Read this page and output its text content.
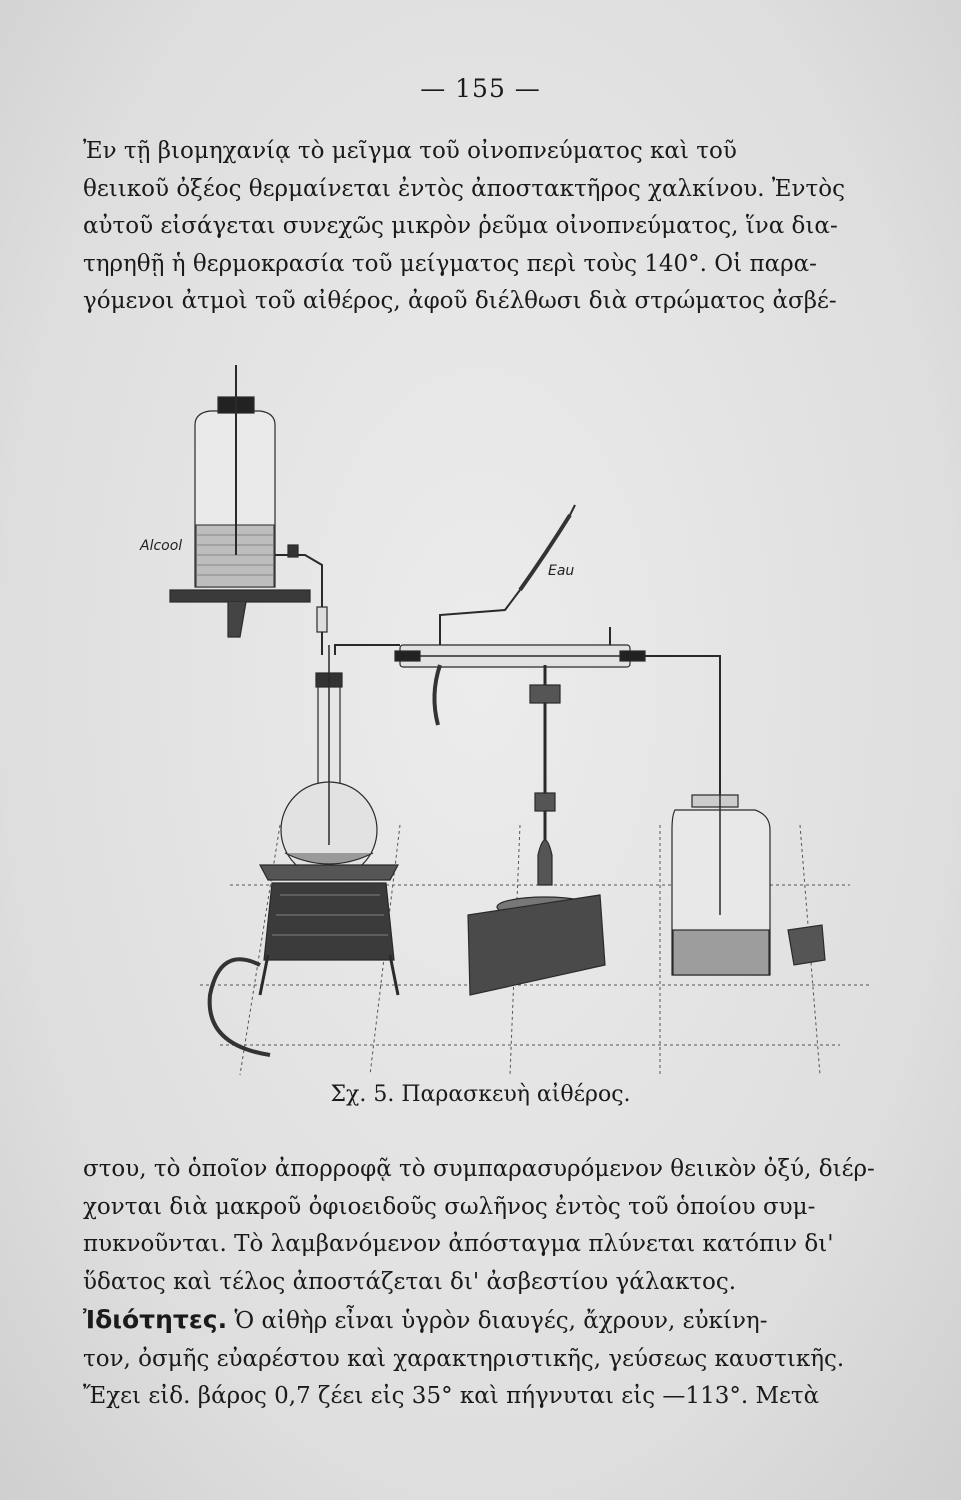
— 155 —

Ἐν τῇ βιομηχανίᾳ τὸ μεῖγμα τοῦ οἰνοπνεύματος καὶ τοῦ
θειικοῦ ὀξέος θερμαίνεται ἐντὸς ἀποστακτῆρος χαλκίνου. Ἐντὸς
αὐτοῦ εἰσάγεται συνεχῶς μικρὸν ῥεῦμα οἰνοπνεύματος, ἵνα δια-
τηρηθῇ ἡ θερμοκρασία τοῦ μείγματος περὶ τοὺς 140°. Οἱ παρα-
γόμενοι ἀτμοὶ τοῦ αἰθέρος, ἀφοῦ διέλθωσι διὰ στρώματος ἀσβέ-

Alcool
Eau
Σχ. 5. Παρασκευὴ αἰθέρος.

στου, τὸ ὁποῖον ἀπορροφᾷ τὸ συμπαρασυρόμενον θειικὸν ὀξύ, διέρ-
χονται διὰ μακροῦ ὀφιοειδοῦς σωλῆνος ἐντὸς τοῦ ὁποίου συμ-
πυκνοῦνται. Τὸ λαμβανόμενον ἀπόσταγμα πλύνεται κατόπιν δι'
ὕδατος καὶ τέλος ἀποστάζεται δι' ἀσβεστίου γάλακτος.
Ἰδιότητες. Ὁ αἰθὴρ εἶναι ὑγρὸν διαυγές, ἄχρουν, εὐκίνη-
τον, ὀσμῆς εὐαρέστου καὶ χαρακτηριστικῆς, γεύσεως καυστικῆς.
Ἔχει εἰδ. βάρος 0,7 ζέει εἰς 35° καὶ πήγνυται εἰς —113°. Μετὰ
